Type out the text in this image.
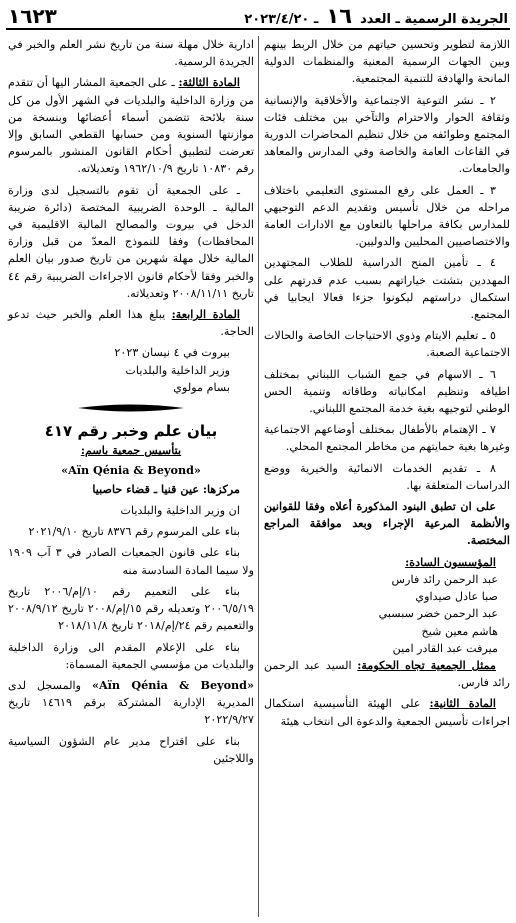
الجريدة الرسمية ـ العدد ١٦ ـ ٢٠٢٣/٤/٢٠
١٦٢٣

اللازمة لتطوير وتحسين حياتهم من خلال الربط بينهم وبين الجهات الرسمية المعنية والمنظمات الدولية المانحة والهادفة للتنمية المجتمعية.

٢ ـ نشر التوعية الاجتماعية والأخلاقية والإنسانية وثقافة الحوار والاحترام والتآخي بين مختلف فئات المجتمع وطوائفه من خلال تنظيم المحاضرات الدورية في القاعات العامة والخاصة وفي المدارس والمعاهد والجامعات.

٣ ـ العمل على رفع المستوى التعليمي باختلاف مراحله من خلال تأسيس وتقديم الدعم التوجيهي للمدارس بكافة مراحلها بالتعاون مع الادارات العامة والاختصاصيين المحليين والدوليين.

٤ ـ تأمين المنح الدراسية للطلاب المجتهدين المهددين بتشتت خياراتهم بسبب عدم قدرتهم على استكمال دراستهم ليكونوا جزءا فعالا ايجابيا في المجتمع.

٥ ـ تعليم الايتام وذوي الاحتياجات الخاصة والحالات الاجتماعية الصعبة.

٦ ـ الاسهام في جمع الشباب اللبناني بمختلف اطيافه وتنظيم امكانياته وطاقاته وتنمية الحس الوطني لتوجيهه بغية خدمة المجتمع اللبناني.

٧ ـ الإهتمام بالأطفال بمختلف أوضاعهم الاجتماعية وغيرها بغية حمايتهم من مخاطر المجتمع المحلي.

٨ ـ تقديم الخدمات الانمائية والخيرية ووضع الدراسات المتعلقة بها.

على ان تطبق البنود المذكورة أعلاه وفقا للقوانين والأنظمة المرعية الإجراء وبعد موافقة المراجع المختصة.

المؤسسون السادة:

عبد الرحمن رائد فارس

صبا عادل صيداوي

عبد الرحمن خضر سبسبي

هاشم معين شيخ

ميرفت عبد القادر امين

ممثل الجمعية تجاه الحكومة: السيد عبد الرحمن رائد فارس.

المادة الثانية: على الهيئة التأسيسية استكمال اجراءات تأسيس الجمعية والدعوة الى انتخاب هيئة

ادارية خلال مهلة سنة من تاريخ نشر العلم والخبر في الجريدة الرسمية.

المادة الثالثة: ـ على الجمعية المشار اليها أن تتقدم من وزارة الداخلية والبلديات في الشهر الأول من كل سنة بلائحة تتضمن أسماء أعضائها وبنسخة من موازنتها السنوية ومن حسابها القطعي السابق وإلا تعرضت لتطبيق أحكام القانون المنشور بالمرسوم رقم ١٠٨٣٠ تاريخ ١٩٦٢/١٠/٩ وتعديلاته.

ـ على الجمعية أن تقوم بالتسجيل لدى وزارة المالية ـ الوحدة الضريبية المختصة (دائرة ضريبة الدخل في بيروت والمصالح المالية الاقليمية في المحافظات) وفقا للنموذج المعدّ من قبل وزارة المالية خلال مهلة شهرين من تاريخ صدور بيان العلم والخبر وفقا لأحكام قانون الاجراءات الضريبية رقم ٤٤ تاريخ ٢٠٠٨/١١/١١ وتعديلاته.

المادة الرابعة: يبلغ هذا العلم والخبر حيث تدعو الحاجة.

بيروت في ٤ نيسان ٢٠٢٣

وزير الداخلية والبلديات

بسام مولوي

بيان علم وخبر رقم ٤١٧

بتأسيس جمعية باسم:

«Aïn Qénia & Beyond»

مركزها: عين قنيا ـ قضاء حاصبيا

ان وزير الداخلية والبلديات

بناء على المرسوم رقم ٨٣٧٦ تاريخ ٢٠٢١/٩/١٠

بناء على قانون الجمعيات الصادر في ٣ آب ١٩٠٩ ولا سيما المادة السادسة منه

بناء على التعميم رقم ١٠/إم/٢٠٠٦ تاريخ ٢٠٠٦/٥/١٩ وتعديله رقم ١٥/إم/٢٠٠٨ تاريخ ٢٠٠٨/٩/١٢ والتعميم رقم ٢٤/إم/٢٠١٨ تاريخ ٢٠١٨/١١/٨

بناء على الإعلام المقدم الى وزارة الداخلية والبلديات من مؤسسي الجمعية المسماة:

«Aïn Qénia & Beyond» والمسجل لدى المديرية الإدارية المشتركة برقم ١٤٦١٩ تاريخ ٢٠٢٢/٩/٢٧

بناء على اقتراح مدير عام الشؤون السياسية واللاجئين
